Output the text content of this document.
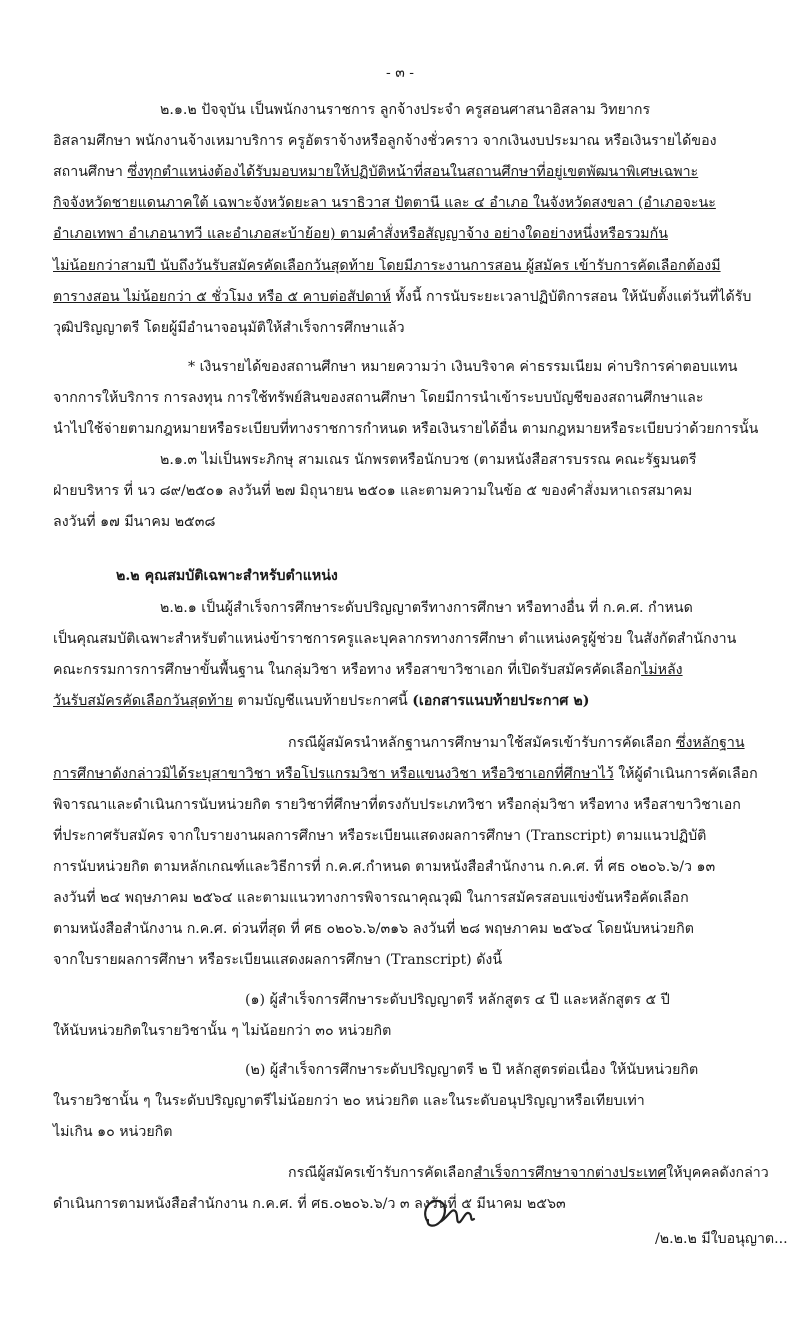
- ๓ -
๒.๑.๒ ปัจจุบัน เป็นพนักงานราชการ ลูกจ้างประจำ ครูสอนศาสนาอิสลาม วิทยากร
อิสลามศึกษา พนักงานจ้างเหมาบริการ ครูอัตราจ้างหรือลูกจ้างชั่วคราว จากเงินงบประมาณ หรือเงินรายได้ของ
สถานศึกษา ซึ่งทุกตำแหน่งต้องได้รับมอบหมายให้ปฏิบัติหน้าที่สอนในสถานศึกษาที่อยู่เขตพัฒนาพิเศษเฉพาะ
กิจจังหวัดชายแดนภาคใต้ เฉพาะจังหวัดยะลา นราธิวาส ปัตตานี และ ๔ อำเภอ ในจังหวัดสงขลา (อำเภอจะนะ
อำเภอเทพา อำเภอนาทวี และอำเภอสะบ้าย้อย) ตามคำสั่งหรือสัญญาจ้าง อย่างใดอย่างหนึ่งหรือรวมกัน
ไม่น้อยกว่าสามปี นับถึงวันรับสมัครคัดเลือกวันสุดท้าย โดยมีภาระงานการสอน ผู้สมัคร เข้ารับการคัดเลือกต้องมี
ตารางสอน ไม่น้อยกว่า ๕ ชั่วโมง หรือ ๕ คาบต่อสัปดาห์ ทั้งนี้ การนับระยะเวลาปฏิบัติการสอน ให้นับตั้งแต่วันที่ได้รับ
วุฒิปริญญาตรี โดยผู้มีอำนาจอนุมัติให้สำเร็จการศึกษาแล้ว
* เงินรายได้ของสถานศึกษา หมายความว่า เงินบริจาค ค่าธรรมเนียม ค่าบริการค่าตอบแทน
จากการให้บริการ การลงทุน การใช้ทรัพย์สินของสถานศึกษา โดยมีการนำเข้าระบบบัญชีของสถานศึกษาและ
นำไปใช้จ่ายตามกฎหมายหรือระเบียบที่ทางราชการกำหนด หรือเงินรายได้อื่น ตามกฎหมายหรือระเบียบว่าด้วยการนั้น
๒.๑.๓ ไม่เป็นพระภิกษุ สามเณร นักพรตหรือนักบวช (ตามหนังสือสารบรรณ คณะรัฐมนตรี
ฝ่ายบริหาร ที่ นว ๘๙/๒๕๐๑ ลงวันที่ ๒๗ มิถุนายน ๒๕๐๑ และตามความในข้อ ๕ ของคำสั่งมหาเถรสมาคม
ลงวันที่ ๑๗ มีนาคม ๒๕๓๘
๒.๒ คุณสมบัติเฉพาะสำหรับตำแหน่ง
๒.๒.๑ เป็นผู้สำเร็จการศึกษาระดับปริญญาตรีทางการศึกษา หรือทางอื่น ที่ ก.ค.ศ. กำหนด
เป็นคุณสมบัติเฉพาะสำหรับตำแหน่งข้าราชการครูและบุคลากรทางการศึกษา ตำแหน่งครูผู้ช่วย ในสังกัดสำนักงาน
คณะกรรมการการศึกษาขั้นพื้นฐาน ในกลุ่มวิชา หรือทาง หรือสาขาวิชาเอก ที่เปิดรับสมัครคัดเลือกไม่หลัง
วันรับสมัครคัดเลือกวันสุดท้าย ตามบัญชีแนบท้ายประกาศนี้ (เอกสารแนบท้ายประกาศ ๒)
กรณีผู้สมัครนำหลักฐานการศึกษามาใช้สมัครเข้ารับการคัดเลือก ซึ่งหลักฐาน
การศึกษาดังกล่าวมิได้ระบุสาขาวิชา หรือโปรแกรมวิชา หรือแขนงวิชา หรือวิชาเอกที่ศึกษาไว้ ให้ผู้ดำเนินการคัดเลือก
พิจารณาและดำเนินการนับหน่วยกิต รายวิชาที่ศึกษาที่ตรงกับประเภทวิชา หรือกลุ่มวิชา หรือทาง หรือสาขาวิชาเอก
ที่ประกาศรับสมัคร จากใบรายงานผลการศึกษา หรือระเบียนแสดงผลการศึกษา (Transcript) ตามแนวปฏิบัติ
การนับหน่วยกิต ตามหลักเกณฑ์และวิธีการที่ ก.ค.ศ.กำหนด ตามหนังสือสำนักงาน ก.ค.ศ. ที่ ศธ ๐๒๐๖.๖/ว ๑๓
ลงวันที่ ๒๔ พฤษภาคม ๒๕๖๔ และตามแนวทางการพิจารณาคุณวุฒิ ในการสมัครสอบแข่งขันหรือคัดเลือก
ตามหนังสือสำนักงาน ก.ค.ศ. ด่วนที่สุด ที่ ศธ ๐๒๐๖.๖/๓๑๖ ลงวันที่ ๒๘ พฤษภาคม ๒๕๖๔ โดยนับหน่วยกิต
จากใบรายผลการศึกษา หรือระเบียนแสดงผลการศึกษา (Transcript) ดังนี้
(๑) ผู้สำเร็จการศึกษาระดับปริญญาตรี หลักสูตร ๔ ปี และหลักสูตร ๕ ปี
ให้นับหน่วยกิตในรายวิชานั้น ๆ ไม่น้อยกว่า ๓๐ หน่วยกิต
(๒) ผู้สำเร็จการศึกษาระดับปริญญาตรี ๒ ปี หลักสูตรต่อเนื่อง ให้นับหน่วยกิต
ในรายวิชานั้น ๆ ในระดับปริญญาตรีไม่น้อยกว่า ๒๐ หน่วยกิต และในระดับอนุปริญญาหรือเทียบเท่า
ไม่เกิน ๑๐ หน่วยกิต
กรณีผู้สมัครเข้ารับการคัดเลือกสำเร็จการศึกษาจากต่างประเทศให้บุคคลดังกล่าว
ดำเนินการตามหนังสือสำนักงาน ก.ค.ศ. ที่ ศธ.๐๒๐๖.๖/ว ๓ ลงวันที่ ๕ มีนาคม ๒๕๖๓
/๒.๒.๒ มีใบอนุญาต...
